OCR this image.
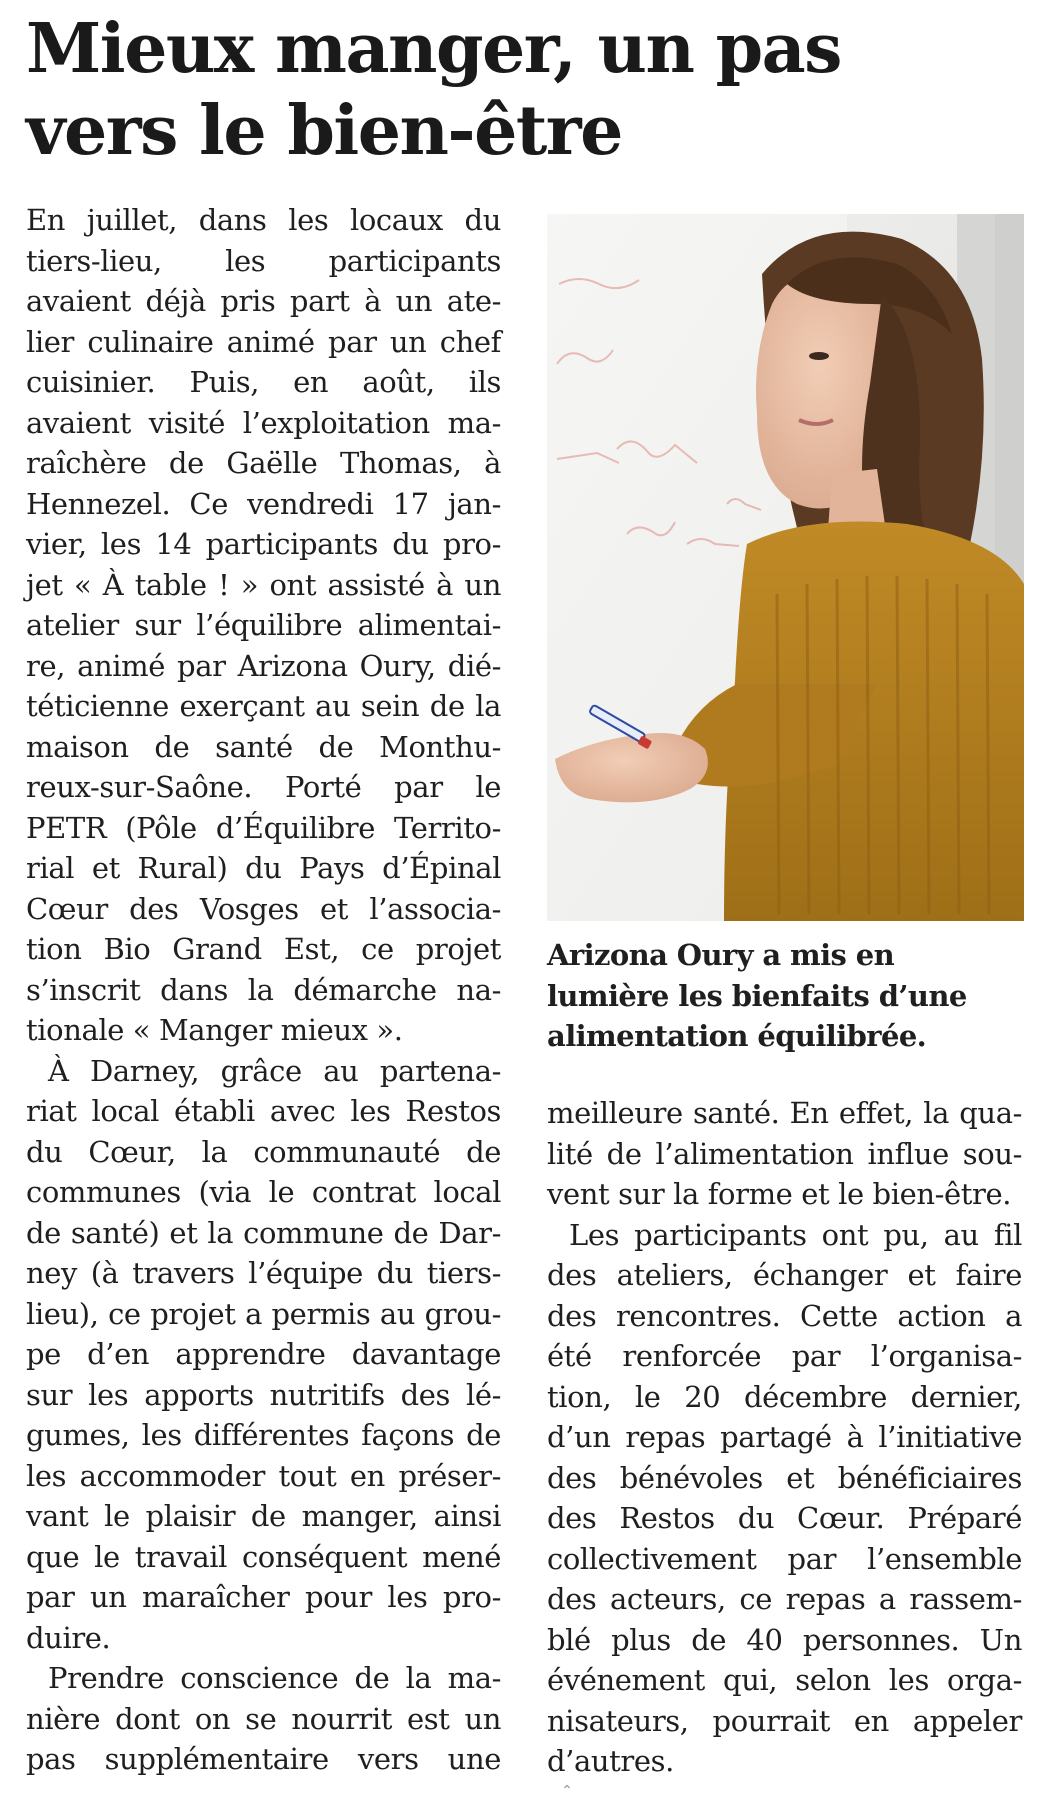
Mieux manger, un pas
vers le bien-être
En juillet, dans les locaux du
tiers-lieu, les participants
avaient déjà pris part à un ate-
lier culinaire animé par un chef
cuisinier. Puis, en août, ils
avaient visité l’exploitation ma-
raîchère de Gaëlle Thomas, à
Hennezel. Ce vendredi 17 jan-
vier, les 14 participants du pro-
jet « À table ! » ont assisté à un
atelier sur l’équilibre alimentai-
re, animé par Arizona Oury, dié-
téticienne exerçant au sein de la
maison de santé de Monthu-
reux-sur-Saône. Porté par le
PETR (Pôle d’Équilibre Territo-
rial et Rural) du Pays d’Épinal
Cœur des Vosges et l’associa-
tion Bio Grand Est, ce projet
s’inscrit dans la démarche na-
tionale « Manger mieux ».
À Darney, grâce au partena-
riat local établi avec les Restos
du Cœur, la communauté de
communes (via le contrat local
de santé) et la commune de Dar-
ney (à travers l’équipe du tiers-
lieu), ce projet a permis au grou-
pe d’en apprendre davantage
sur les apports nutritifs des lé-
gumes, les différentes façons de
les accommoder tout en préser-
vant le plaisir de manger, ainsi
que le travail conséquent mené
par un maraîcher pour les pro-
duire.
Prendre conscience de la ma-
nière dont on se nourrit est un
pas supplémentaire vers une
Arizona Oury a mis en
lumière les bienfaits d’une
alimentation équilibrée.
meilleure santé. En effet, la qua-
lité de l’alimentation influe sou-
vent sur la forme et le bien-être.
Les participants ont pu, au fil
des ateliers, échanger et faire
des rencontres. Cette action a
été renforcée par l’organisa-
tion, le 20 décembre dernier,
d’un repas partagé à l’initiative
des bénévoles et bénéficiaires
des Restos du Cœur. Préparé
collectivement par l’ensemble
des acteurs, ce repas a rassem-
blé plus de 40 personnes. Un
événement qui, selon les orga-
nisateurs, pourrait en appeler
d’autres.
⌃
